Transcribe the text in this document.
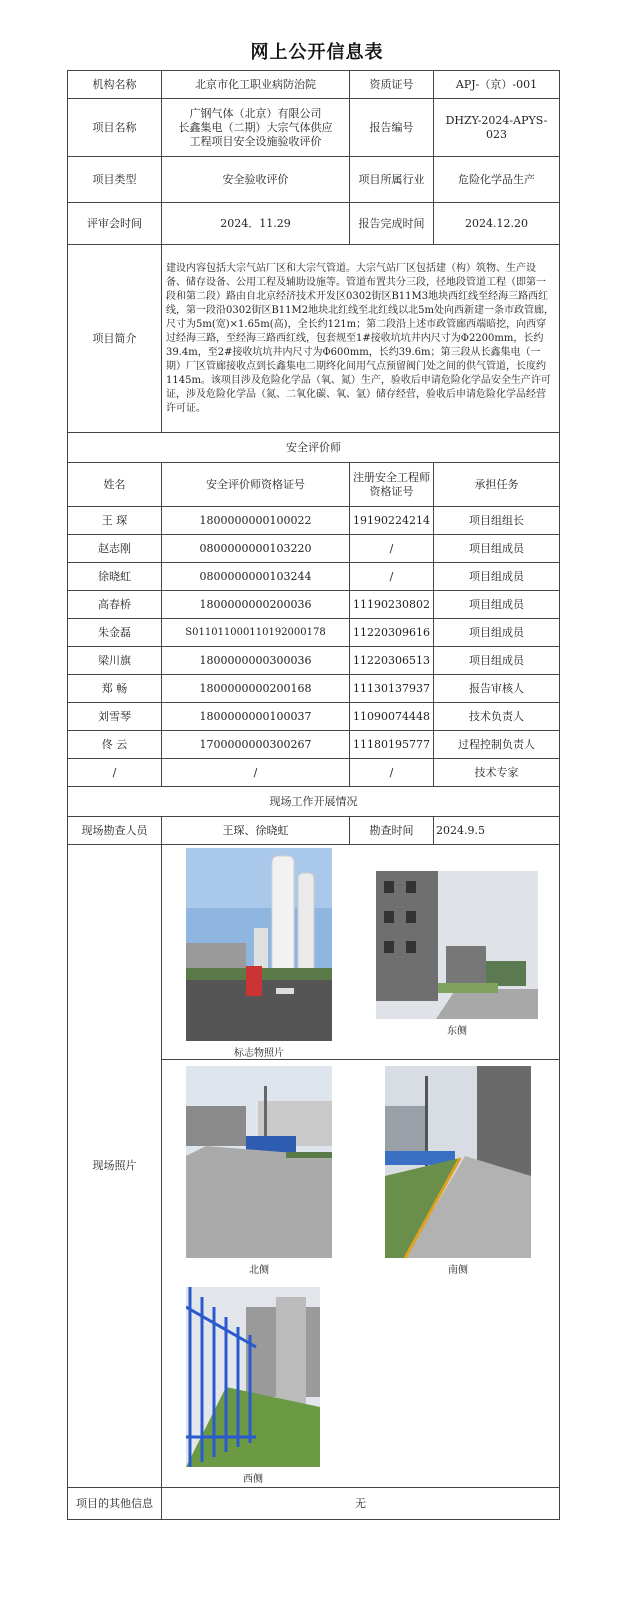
网上公开信息表
机构名称	北京市化工职业病防治院	资质证号	APJ-（京）-001
项目名称	广钢气体（北京）有限公司
长鑫集电（二期）大宗气体供应
工程项目安全设施验收评价	报告编号	DHZY-2024-APYS-023
项目类型	安全验收评价	项目所属行业	危险化学品生产
评审会时间	2024．11.29	报告完成时间	2024.12.20
项目简介	建设内容包括大宗气站厂区和大宗气管道。大宗气站厂区包括建（构）筑物、生产设备、储存设备、公用工程及辅助设施等。管道布置共分三段，径地段管道工程（即第一段和第二段）路由自北京经济技术开发区0302街区B11M3地块西红线至经海三路西红线，第一段沿0302街区B11M2地块北红线至北红线以北5m处向西新建一条市政管廊，尺寸为5m(宽)×1.65m(高)，全长约121m；第二段沿上述市政管廊西端暗挖，向西穿过经海三路，至经海三路西红线，包套规至1#接收坑坑井内尺寸为Φ2200mm，长约39.4m，至2#接收坑坑井内尺寸为Φ600mm，长约39.6m；第三段从长鑫集电（一期）厂区管廊接收点到长鑫集电二期终化间用气点预留阀门处之间的供气管道，长度约1145m。该项目涉及危险化学品（氧、氮）生产，验收后申请危险化学品安全生产许可证，涉及危险化学品（氮、二氧化碳、氧、氩）储存经营，验收后申请危险化学品经营许可证。		
安全评价师			
姓名	安全评价师资格证号	注册安全工程师资格证号	承担任务
王 琛	1800000000100022	19190224214	项目组组长
赵志刚	0800000000103220	/	项目组成员
徐晓虹	0800000000103244	/	项目组成员
高春桥	1800000000200036	11190230802	项目组成员
朱金磊	S011011000110192000178	11220309616	项目组成员
梁川旗	1800000000300036	11220306513	项目组成员
郑 畅	1800000000200168	11130137937	报告审核人
刘雪琴	1800000000100037	11090074448	技术负责人
佟 云	1700000000300267	11180195777	过程控制负责人
/	/	/	技术专家
现场工作开展情况			
现场勘查人员	王琛、徐晓虹	勘查时间	2024.9.5
现场照片	标志物照片
东侧		

	北侧 南侧
西侧		

项目的其他信息	无		
